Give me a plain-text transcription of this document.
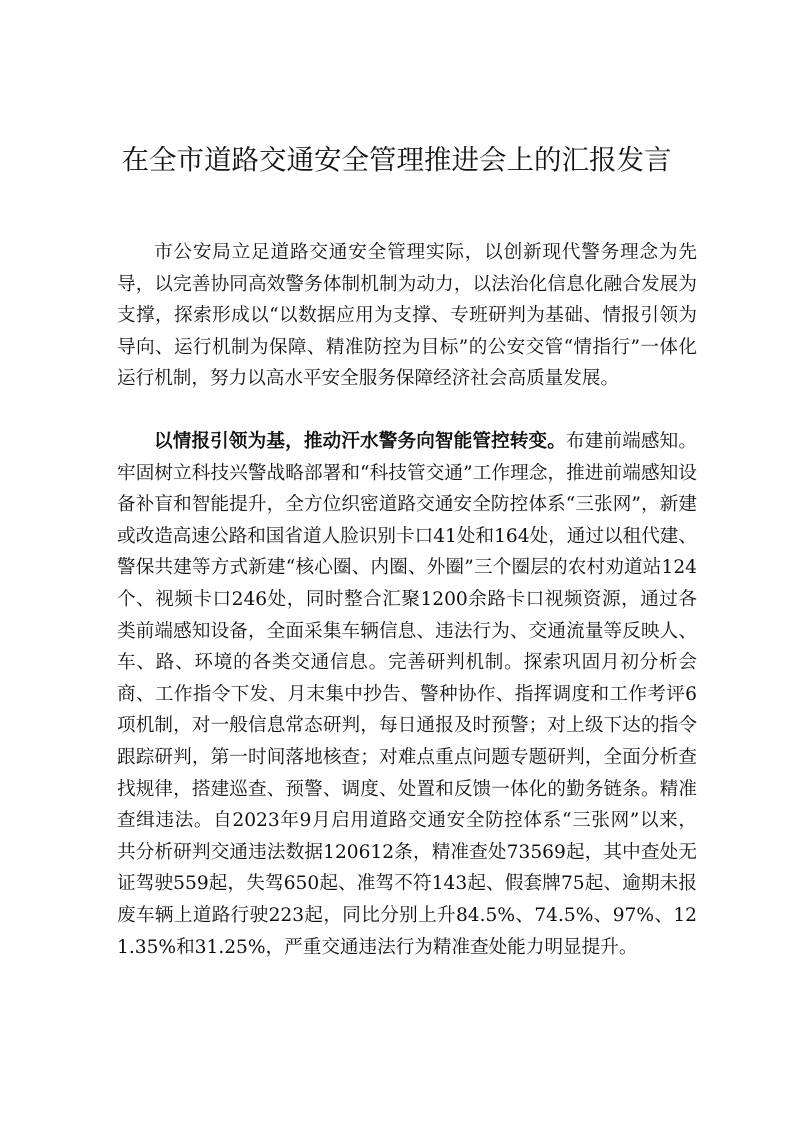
在全市道路交通安全管理推进会上的汇报发言

市公安局立足道路交通安全管理实际，以创新现代警务理念为先导，以完善协同高效警务体制机制为动力，以法治化信息化融合发展为支撑，探索形成以“以数据应用为支撑、专班研判为基础、情报引领为导向、运行机制为保障、精准防控为目标”的公安交管“情指行”一体化运行机制，努力以高水平安全服务保障经济社会高质量发展。

以情报引领为基，推动汗水警务向智能管控转变。布建前端感知。牢固树立科技兴警战略部署和“科技管交通”工作理念，推进前端感知设备补盲和智能提升，全方位织密道路交通安全防控体系“三张网”，新建或改造高速公路和国省道人脸识别卡口41处和164处，通过以租代建、警保共建等方式新建“核心圈、内圈、外圈”三个圈层的农村劝道站124个、视频卡口246处，同时整合汇聚1200余路卡口视频资源，通过各类前端感知设备，全面采集车辆信息、违法行为、交通流量等反映人、车、路、环境的各类交通信息。完善研判机制。探索巩固月初分析会商、工作指令下发、月末集中抄告、警种协作、指挥调度和工作考评6项机制，对一般信息常态研判，每日通报及时预警；对上级下达的指令跟踪研判，第一时间落地核查；对难点重点问题专题研判，全面分析查找规律，搭建巡查、预警、调度、处置和反馈一体化的勤务链条。精准查缉违法。自2023年9月启用道路交通安全防控体系“三张网”以来，共分析研判交通违法数据120612条，精准查处73569起，其中查处无证驾驶559起，失驾650起、准驾不符143起、假套牌75起、逾期未报废车辆上道路行驶223起，同比分别上升84.5%、74.5%、97%、121.35%和31.25%，严重交通违法行为精准查处能力明显提升。
